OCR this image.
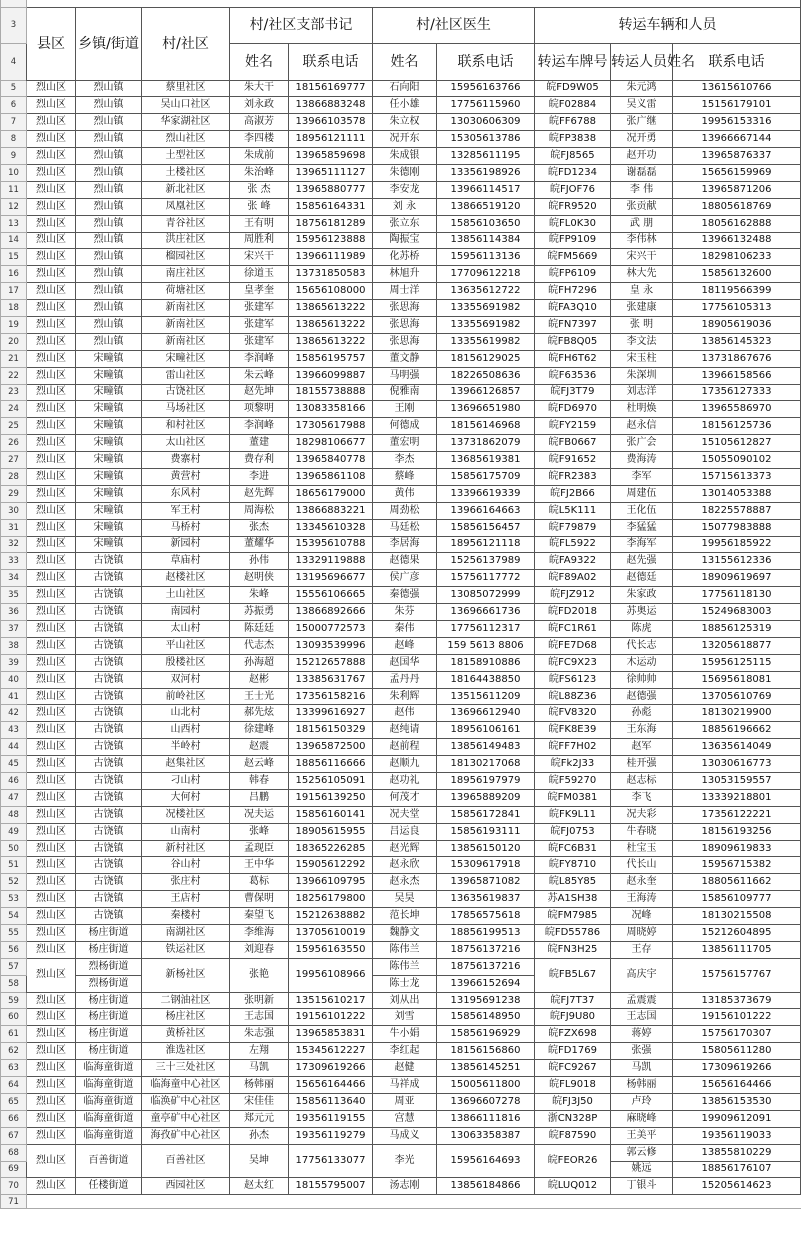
3	县区	乡镇/街道	村/社区	村/社区支部书记		村/社区医生		转运车辆和人员		
4				姓名	联系电话	姓名	联系电话	转运车牌号	转运人员姓名	联系电话
5	烈山区	烈山镇	蔡里社区	朱大干	18156169777	石向阳	15956163766	皖FD9W05	朱元鸿	13615610766
6	烈山区	烈山镇	吴山口社区	刘永政	13866883248	任小雄	17756115960	皖F02884	吴义雷	15156179101
7	烈山区	烈山镇	华家湖社区	高淑芳	13966103578	朱立权	13030606309	皖FF6788	张广继	19956153316
8	烈山区	烈山镇	烈山社区	李四楼	18956121111	况开东	15305613786	皖FP3838	况开勇	13966667144
9	烈山区	烈山镇	土型社区	朱成前	13965859698	朱成银	13285611195	皖FJ8565	赵开功	13965876337
10	烈山区	烈山镇	土楼社区	朱治峰	13965111127	朱德刚	13356198926	皖FD1234	谢磊磊	15656159969
11	烈山区	烈山镇	新北社区	张 杰	13965880777	李安龙	13966114517	皖FJOF76	李 伟	13965871206
12	烈山区	烈山镇	凤凰社区	张 峰	15856164331	刘 永	13866519120	皖FR9520	张贡献	18805618769
13	烈山区	烈山镇	青谷社区	王有明	18756181289	张立东	15856103650	皖FL0K30	武 朋	18056162888
14	烈山区	烈山镇	洪庄社区	周胜利	15956123888	陶振宝	13856114384	皖FP9109	李伟林	13966132488
15	烈山区	烈山镇	榴园社区	宋兴干	13966111989	化苏桥	15956113136	皖FM5669	宋兴干	18298106233
16	烈山区	烈山镇	南庄社区	徐道玉	13731850583	林旭升	17709612218	皖FP6109	林大先	15856132600
17	烈山区	烈山镇	荷塘社区	皇孝奎	15656108000	周士洋	13635612722	皖FH7296	皇 永	18119566399
18	烈山区	烈山镇	新南社区	张建军	13865613222	张思海	13355691982	皖FA3Q10	张建康	17756105313
19	烈山区	烈山镇	新南社区	张建军	13865613222	张思海	13355691982	皖FN7397	张 明	18905619036
20	烈山区	烈山镇	新南社区	张建军	13865613222	张思海	13355619982	皖FB8Q05	李文法	13856145323
21	烈山区	宋疃镇	宋疃社区	李润峰	15856195757	董文静	18156129025	皖FH6T62	宋玉柱	13731867676
22	烈山区	宋疃镇	雷山社区	朱云峰	13966099887	马明强	18226508636	皖F63536	朱深圳	13966158566
23	烈山区	宋疃镇	古饶社区	赵先坤	18155738888	倪雅南	13966126857	皖FJ3T79	刘志洋	17356127333
24	烈山区	宋疃镇	马场社区	项黎明	13083358166	王刚	13696651980	皖FD6970	杜明焕	13965586970
25	烈山区	宋疃镇	和村社区	李润峰	17305617988	何德成	18156146968	皖FY2159	赵永信	18156125736
26	烈山区	宋疃镇	太山社区	董建	18298106677	董宏明	13731862079	皖FB0667	张广会	15105612827
27	烈山区	宋疃镇	费寨村	费存利	13965840778	李杰	13685619381	皖F91652	费海涛	15055090102
28	烈山区	宋疃镇	黄营村	李进	13965861108	蔡峰	15856175709	皖FR2383	李军	15715613373
29	烈山区	宋疃镇	东风村	赵先辉	18656179000	黄伟	13396619339	皖FJ2B66	周建伍	13014053388
30	烈山区	宋疃镇	军王村	周海松	13866883221	周劲松	13966164663	皖L5K111	王化伍	18225578887
31	烈山区	宋疃镇	马桥村	张杰	13345610328	马廷松	15856156457	皖F79879	李猛猛	15077983888
32	烈山区	宋疃镇	新园村	董耀华	15395610788	李居海	18956121118	皖FL5922	李海军	19956185922
33	烈山区	古饶镇	草庙村	孙伟	13329119888	赵德果	15256137989	皖FA9322	赵先强	13155612336
34	烈山区	古饶镇	赵楼社区	赵明侠	13195696677	侯广彦	15756117772	皖F89A02	赵德廷	18909619697
35	烈山区	古饶镇	土山社区	朱峰	15556106665	秦德强	13085072999	皖FJZ912	朱家政	17756118130
36	烈山区	古饶镇	南园村	苏振勇	13866892666	朱芬	13696661736	皖FD2018	苏奥运	15249683003
37	烈山区	古饶镇	太山村	陈廷廷	15000772573	秦伟	17756112317	皖FC1R61	陈虎	18856125319
38	烈山区	古饶镇	平山社区	代志杰	13093539996	赵峰	159 5613 8806	皖FE7D68	代长志	13205618877
39	烈山区	古饶镇	殷楼社区	孙海超	15212657888	赵国华	18158910886	皖FC9X23	木运动	15956125115
40	烈山区	古饶镇	双河村	赵彬	13385631767	孟丹丹	18164438850	皖FS6123	徐帅帅	15695618081
41	烈山区	古饶镇	前岭社区	王士光	17356158216	朱利辉	13515611209	皖L88Z36	赵德强	13705610769
42	烈山区	古饶镇	山北村	郝先炫	13399616927	赵伟	13696612940	皖FV8320	孙彪	18130219900
43	烈山区	古饶镇	山西村	徐建峰	18156150329	赵纯请	18956106161	皖FK8E39	王东海	18856196662
44	烈山区	古饶镇	半岭村	赵震	13965872500	赵前程	13856149483	皖FF7H02	赵军	13635614049
45	烈山区	古饶镇	赵集社区	赵云峰	18856116666	赵顺九	18130217068	皖Fk2J33	桂开强	13030616773
46	烈山区	古饶镇	刁山村	韩春	15256105091	赵功礼	18956197979	皖F59270	赵志标	13053159557
47	烈山区	古饶镇	大何村	吕鹏	19156139250	何茂才	13965889209	皖FM0381	李飞	13339218801
48	烈山区	古饶镇	况楼社区	况夫运	15856160141	况夫堂	15856172841	皖FK9L11	况夫彩	17356122221
49	烈山区	古饶镇	山南村	张峰	18905615955	吕运良	15856193111	皖FJ0753	牛春晓	18156193256
50	烈山区	古饶镇	新村社区	孟现臣	18365226285	赵光辉	13856150120	皖FC6B31	杜宝玉	18909619833
51	烈山区	古饶镇	谷山村	王中华	15905612292	赵永欣	15309617918	皖FY8710	代长山	15956715382
52	烈山区	古饶镇	张庄村	葛标	13966109795	赵永杰	13965871082	皖L85Y85	赵永奎	18805611662
53	烈山区	古饶镇	王店村	曹保明	18256179800	吴昊	13635619837	苏A1SH38	王海涛	15856109777
54	烈山区	古饶镇	秦楼村	秦望飞	15212638882	范长坤	17856575618	皖FM7985	况峰	18130215508
55	烈山区	杨庄街道	南湖社区	李维海	13705610019	魏静文	18856199513	皖FD55786	周晓婷	15212604895
56	烈山区	杨庄街道	铁运社区	刘迎春	15956163550	陈伟兰	18756137216	皖FN3H25	王存	13856111705
57	烈山区	烈杨街道	新杨社区	张艳	19956108966	陈伟兰	18756137216	皖FB5L67	高庆宇	15756157767
58		烈杨街道				陈士龙	13966152694			
59	烈山区	杨庄街道	二钢油社区	张明新	13515610217	刘从出	13195691238	皖FJ7T37	孟震震	13185373679
60	烈山区	杨庄街道	杨庄社区	王志国	19156101222	刘雪	15856148950	皖FJ9U80	王志国	19156101222
61	烈山区	杨庄街道	黄桥社区	朱志强	13965853831	牛小娟	15856196929	皖FZX698	蒋婷	15756170307
62	烈山区	杨庄街道	淮选社区	左翔	15345612227	李红起	18156156860	皖FD1769	张强	15805611280
63	烈山区	临海童街道	三十三处社区	马凯	17309619266	赵健	13856145251	皖FC9267	马凯	17309619266
64	烈山区	临海童街道	临海童中心社区	杨韩丽	15656164466	马祥成	15005611800	皖FL9018	杨韩丽	15656164466
65	烈山区	临海童街道	临涣矿中心社区	宋佳佳	15856113640	周亚	13696607278	皖FJ3J50	卢玲	13856153530
66	烈山区	临海童街道	童亭矿中心社区	郑元元	19356119155	宫慧	13866111816	浙CN328P	麻晓峰	19909612091
67	烈山区	临海童街道	海孜矿中心社区	孙杰	19356119279	马成义	13063358387	皖F87590	王美平	19356119033
68	烈山区	百善街道	百善社区	吴坤	17756133077	李光	15956164693	皖FEOR26	郭云修	13855810229
69									姚远	18856176107
70	烈山区	任楼街道	西园社区	赵太红	18155795007	汤志刚	13856184866	皖LUQ012	丁银斗	15205614623
71										
